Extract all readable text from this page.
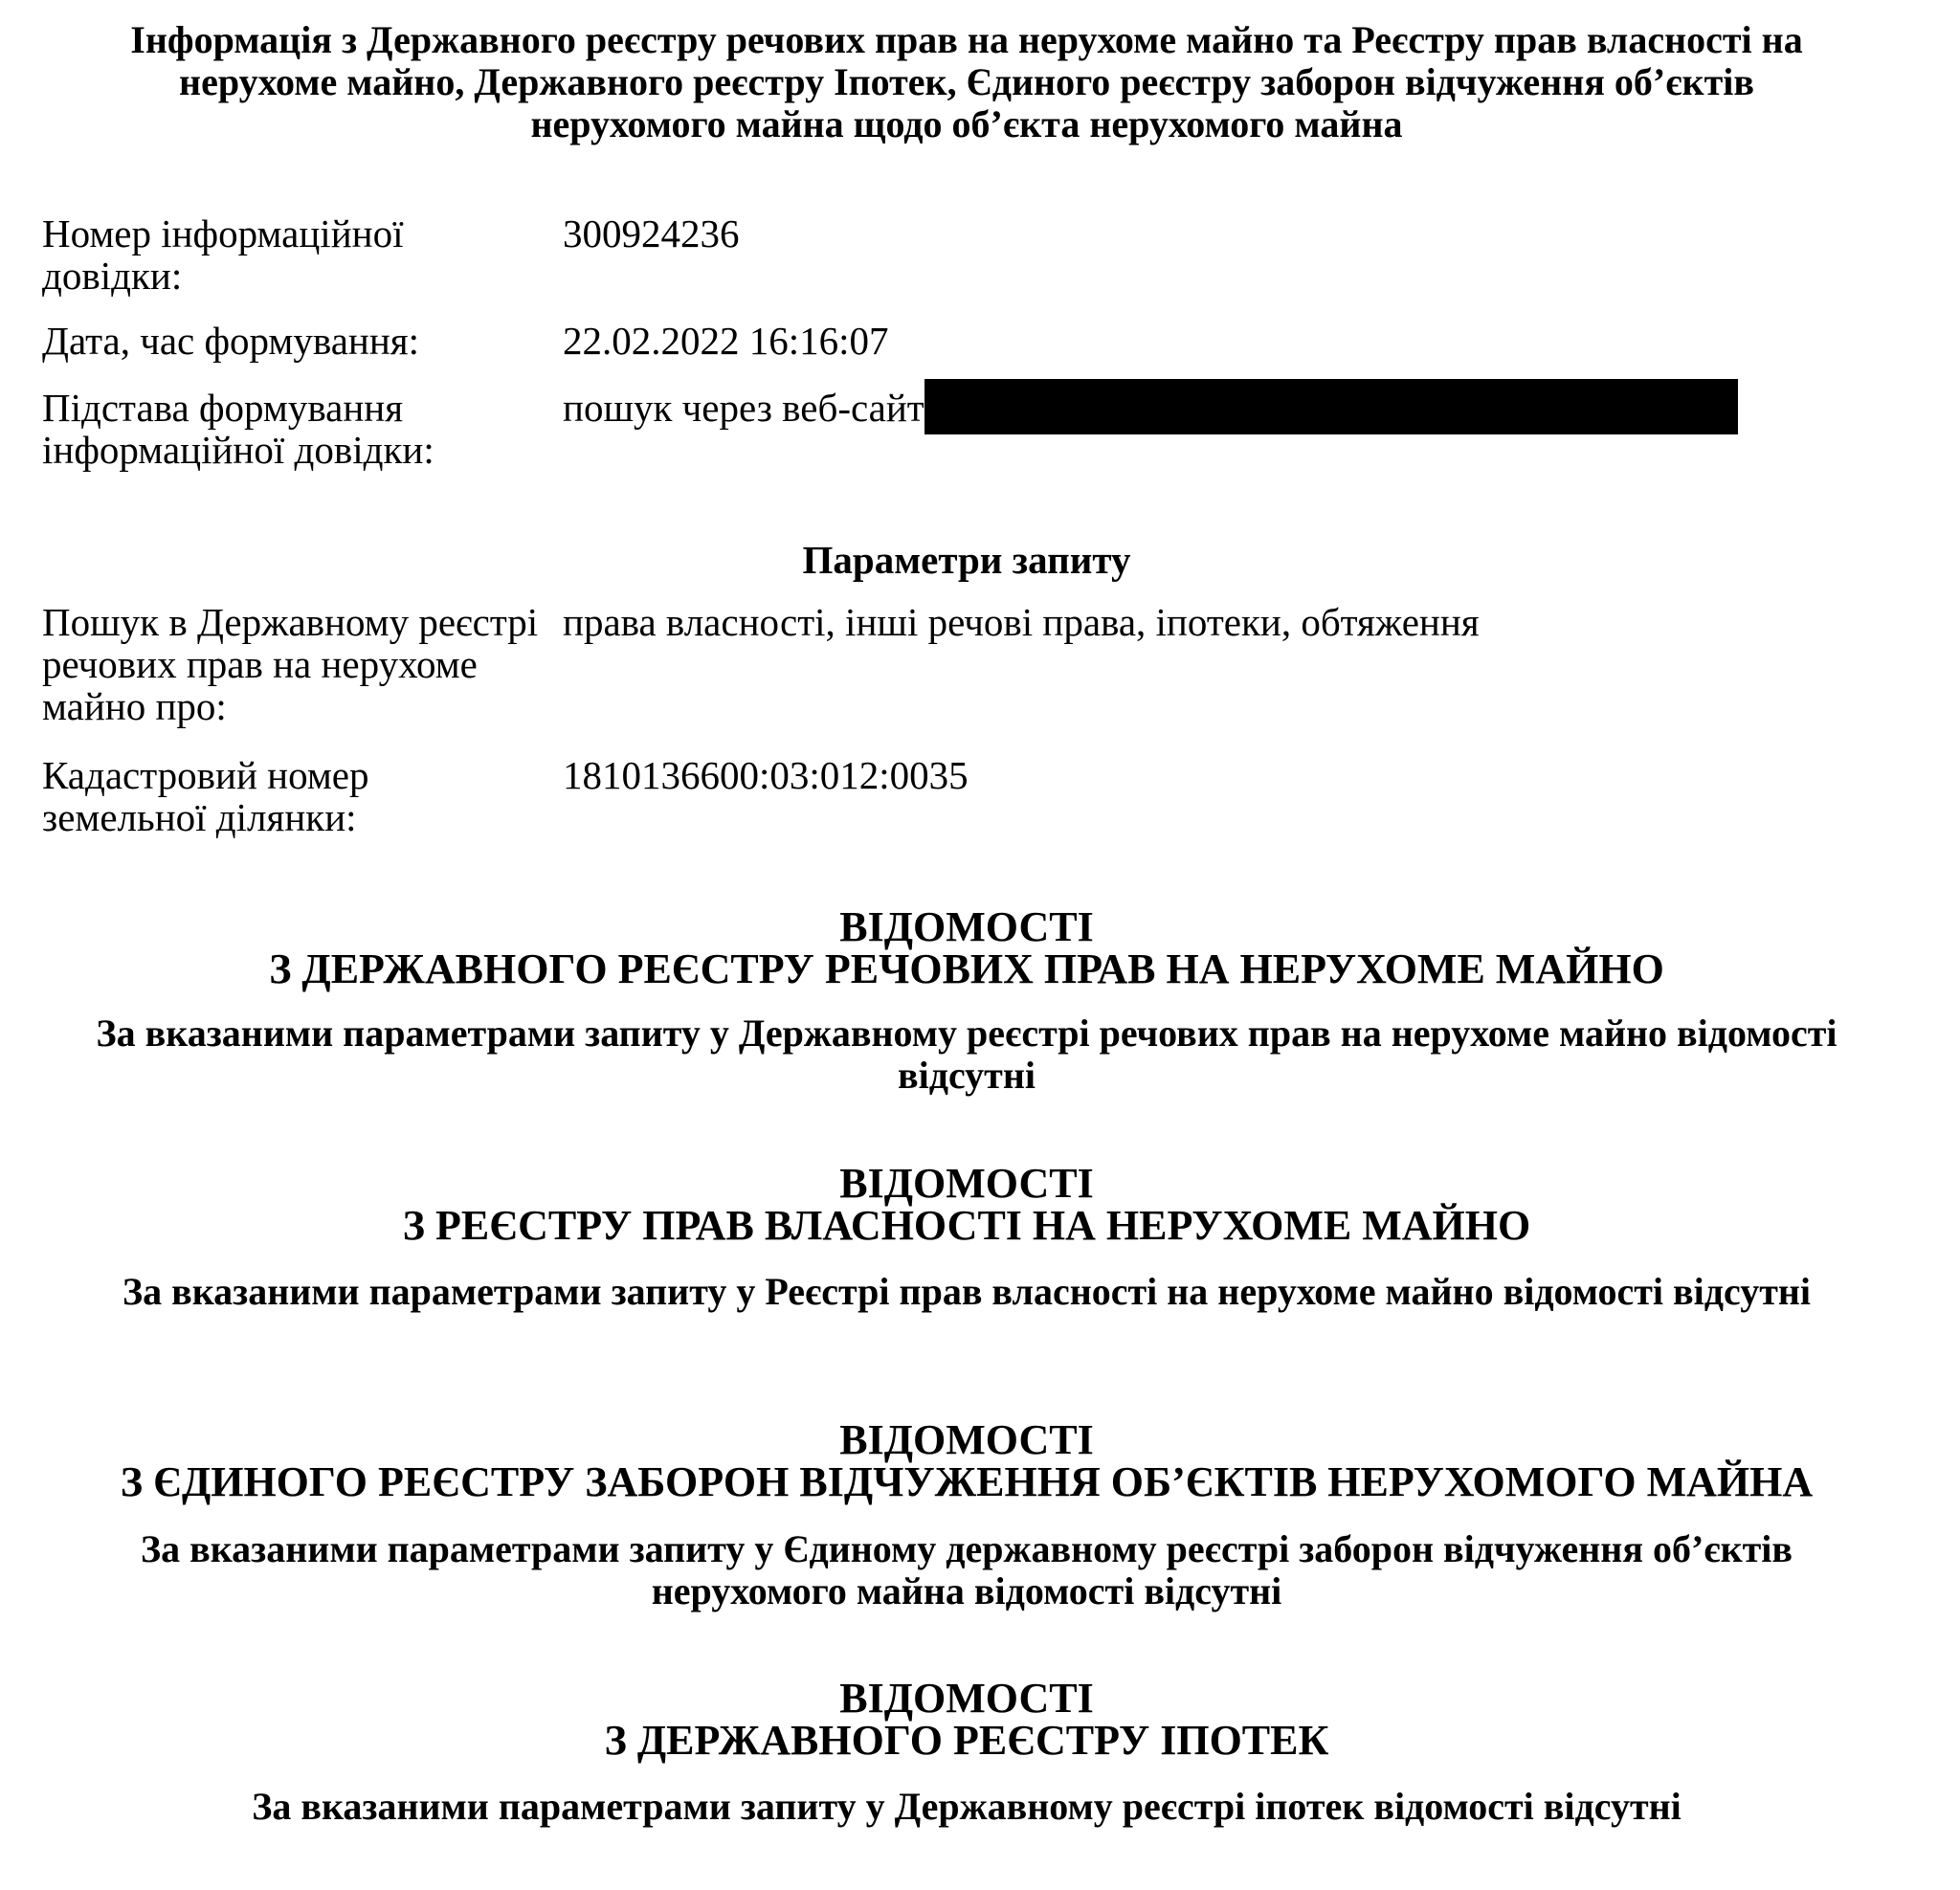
Інформація з Державного реєстру речових прав на нерухоме майно та Реєстру прав власності на нерухоме майно, Державного реєстру Іпотек, Єдиного реєстру заборон відчуження об’єктів нерухомого майна щодо об’єкта нерухомого майна
Номер інформаційної довідки:
300924236
Дата, час формування:	22.02.2022 16:16:07
Підстава формування інформаційної довідки:
пошук через веб-сайт
Параметри запиту
Пошук в Державному реєстрі речових прав на нерухоме майно про:
права власності, інші речові права, іпотеки, обтяження
Кадастровий номер земельної ділянки:
1810136600:03:012:0035
ВІДОМОСТІ
З ДЕРЖАВНОГО РЕЄСТРУ РЕЧОВИХ ПРАВ НА НЕРУХОМЕ МАЙНО

За вказаними параметрами запиту у Державному реєстрі речових прав на нерухоме майно відомості відсутні

ВІДОМОСТІ
З РЕЄСТРУ ПРАВ ВЛАСНОСТІ НА НЕРУХОМЕ МАЙНО

За вказаними параметрами запиту у Реєстрі прав власності на нерухоме майно відомості відсутні

ВІДОМОСТІ
З ЄДИНОГО РЕЄСТРУ ЗАБОРОН ВІДЧУЖЕННЯ ОБ’ЄКТІВ НЕРУХОМОГО МАЙНА

За вказаними параметрами запиту у Єдиному державному реєстрі заборон відчуження об’єктів нерухомого майна відомості відсутні

ВІДОМОСТІ
З ДЕРЖАВНОГО РЕЄСТРУ ІПОТЕК

За вказаними параметрами запиту у Державному реєстрі іпотек відомості відсутні
